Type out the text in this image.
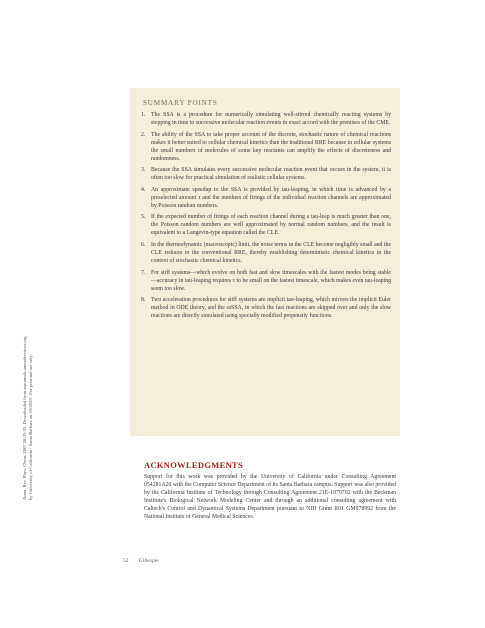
Annu. Rev. Phys. Chem. 2007.58:35-55. Downloaded from arjournals.annualreviews.org by University of California - Santa Barbara on 03/20/07. For personal use only.
SUMMARY POINTS
1. The SSA is a procedure for numerically simulating well-stirred chemically reacting systems by stepping in time to successive molecular reaction events in exact accord with the premises of the CME.
2. The ability of the SSA to take proper account of the discrete, stochastic nature of chemical reactions makes it better suited to cellular chemical kinetics than the traditional RRE because in cellular systems the small numbers of molecules of some key reactants can amplify the effects of discreteness and randomness.
3. Because the SSA simulates every successive molecular reaction event that occurs in the system, it is often too slow for practical simulation of realistic cellular systems.
4. An approximate speedup to the SSA is provided by tau-leaping, in which time is advanced by a preselected amount τ and the numbers of firings of the individual reaction channels are approximated by Poisson random numbers.
5. If the expected number of firings of each reaction channel during a tau-leap is much greater than one, the Poisson random numbers are well approximated by normal random numbers, and the result is equivalent to a Langevin-type equation called the CLE.
6. In the thermodynamic (macroscopic) limit, the noise terms in the CLE become negligibly small and the CLE reduces to the conventional RRE, thereby establishing deterministic chemical kinetics in the context of stochastic chemical kinetics.
7. For stiff systems—which evolve on both fast and slow timescales with the fastest modes being stable—accuracy in tau-leaping requires τ to be small on the fastest timescale, which makes even tau-leaping seem too slow.
8. Two acceleration procedures for stiff systems are implicit tau-leaping, which mirrors the implicit Euler method in ODE theory, and the ssSSA, in which the fast reactions are skipped over and only the slow reactions are directly simulated using specially modified propensity functions.
ACKNOWLEDGMENTS
Support for this work was provided by the University of California under Consulting Agreement 054281A20 with the Computer Science Department of its Santa Barbara campus. Support was also provided by the California Institute of Technology through Consulting Agreement 21E-1079702 with the Beckman Institute's Biological Network Modeling Center and through an additional consulting agreement with Caltech's Control and Dynamical Systems Department pursuant to NIH Grant R01 GM078992 from the National Institute of General Medical Sciences.
52 Gillespie
